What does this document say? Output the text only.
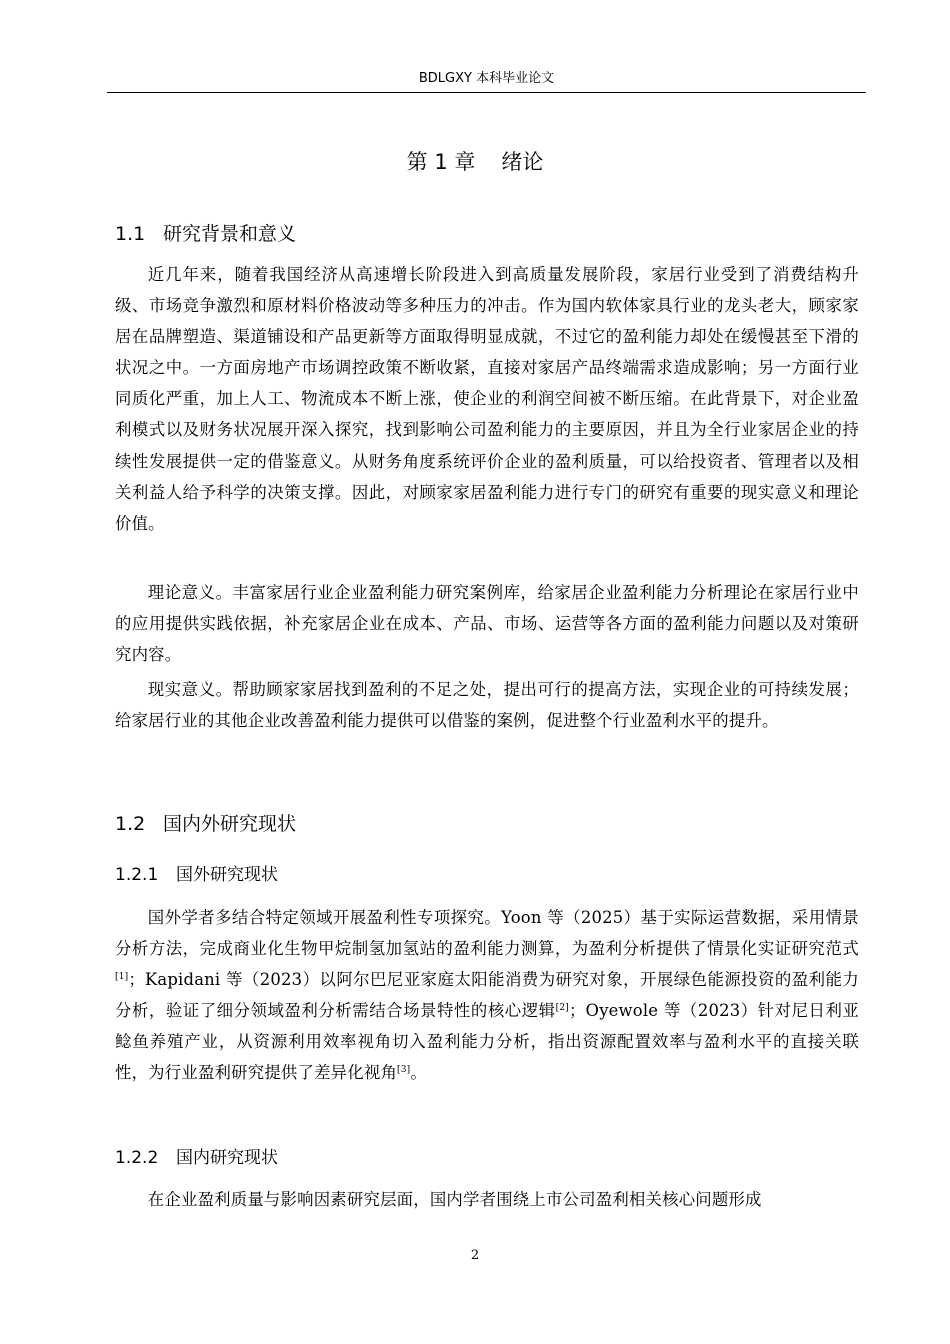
BDLGXY 本科毕业论文
第 1 章 绪论
1.1 研究背景和意义

近几年来，随着我国经济从高速增长阶段进入到高质量发展阶段，家居行业受到了消费结构升级、市场竞争激烈和原材料价格波动等多种压力的冲击。作为国内软体家具行业的龙头老大，顾家家居在品牌塑造、渠道铺设和产品更新等方面取得明显成就，不过它的盈利能力却处在缓慢甚至下滑的状况之中。一方面房地产市场调控政策不断收紧，直接对家居产品终端需求造成影响；另一方面行业同质化严重，加上人工、物流成本不断上涨，使企业的利润空间被不断压缩。在此背景下，对企业盈利模式以及财务状况展开深入探究，找到影响公司盈利能力的主要原因，并且为全行业家居企业的持续性发展提供一定的借鉴意义。从财务角度系统评价企业的盈利质量，可以给投资者、管理者以及相关利益人给予科学的决策支撑。因此，对顾家家居盈利能力进行专门的研究有重要的现实意义和理论价值。

理论意义。丰富家居行业企业盈利能力研究案例库，给家居企业盈利能力分析理论在家居行业中的应用提供实践依据，补充家居企业在成本、产品、市场、运营等各方面的盈利能力问题以及对策研究内容。

现实意义。帮助顾家家居找到盈利的不足之处，提出可行的提高方法，实现企业的可持续发展；给家居行业的其他企业改善盈利能力提供可以借鉴的案例，促进整个行业盈利水平的提升。

1.2 国内外研究现状
1.2.1 国外研究现状

国外学者多结合特定领域开展盈利性专项探究。Yoon 等（2025）基于实际运营数据，采用情景分析方法，完成商业化生物甲烷制氢加氢站的盈利能力测算，为盈利分析提供了情景化实证研究范式[1]；Kapidani 等（2023）以阿尔巴尼亚家庭太阳能消费为研究对象，开展绿色能源投资的盈利能力分析，验证了细分领域盈利分析需结合场景特性的核心逻辑[2]；Oyewole 等（2023）针对尼日利亚鲶鱼养殖产业，从资源利用效率视角切入盈利能力分析，指出资源配置效率与盈利水平的直接关联性，为行业盈利研究提供了差异化视角[3]。

1.2.2 国内研究现状

在企业盈利质量与影响因素研究层面，国内学者围绕上市公司盈利相关核心问题形成

2
